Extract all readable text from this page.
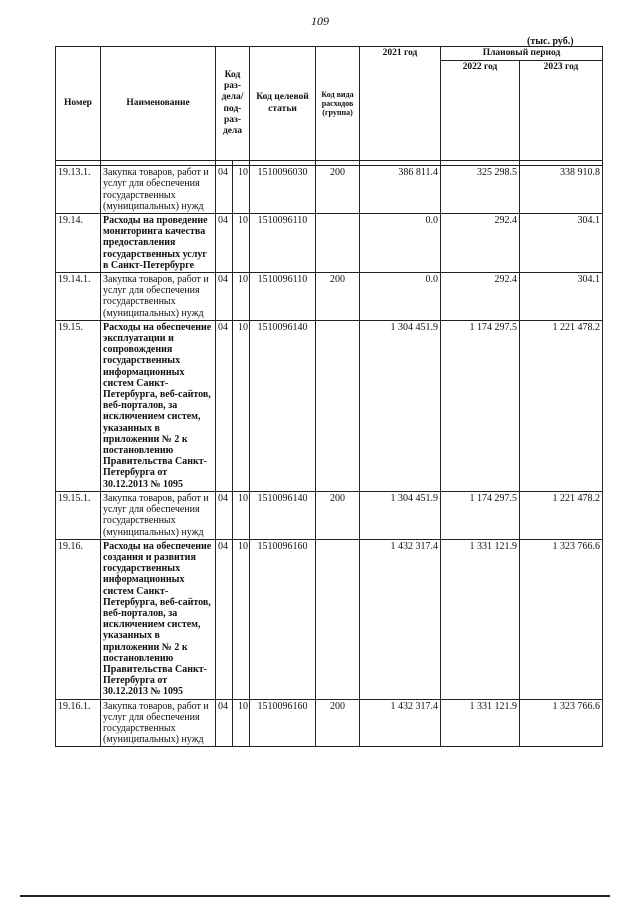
109
(тыс. руб.)
Номер	Наименование	Код раз-дела/ под-раз-дела		Код целевой статьи	Код вида расходов (группа)	2021 год	Плановый период	
							2022 год	2023 год

19.13.1.	Закупка товаров, работ и услуг для обеспечения государственных (муниципальных) нужд	04	10	1510096030	200	386 811.4	325 298.5	338 910.8
19.14.	Расходы на проведение мониторинга качества предоставления государственных услуг в Санкт-Петербурге	04	10	1510096110		0.0	292.4	304.1
19.14.1.	Закупка товаров, работ и услуг для обеспечения государственных (муниципальных) нужд	04	10	1510096110	200	0.0	292.4	304.1
19.15.	Расходы на обеспечение эксплуатации и сопровождения государственных информационных систем Санкт-Петербурга, веб-сайтов, веб-порталов, за исключением систем, указанных в приложении № 2 к постановлению Правительства Санкт-Петербурга от 30.12.2013 № 1095	04	10	1510096140		1 304 451.9	1 174 297.5	1 221 478.2
19.15.1.	Закупка товаров, работ и услуг для обеспечения государственных (муниципальных) нужд	04	10	1510096140	200	1 304 451.9	1 174 297.5	1 221 478.2
19.16.	Расходы на обеспечение создания и развития государственных информационных систем Санкт-Петербурга, веб-сайтов, веб-порталов, за исключением систем, указанных в приложении № 2 к постановлению Правительства Санкт-Петербурга от 30.12.2013 № 1095	04	10	1510096160		1 432 317.4	1 331 121.9	1 323 766.6
19.16.1.	Закупка товаров, работ и услуг для обеспечения государственных (муниципальных) нужд	04	10	1510096160	200	1 432 317.4	1 331 121.9	1 323 766.6
